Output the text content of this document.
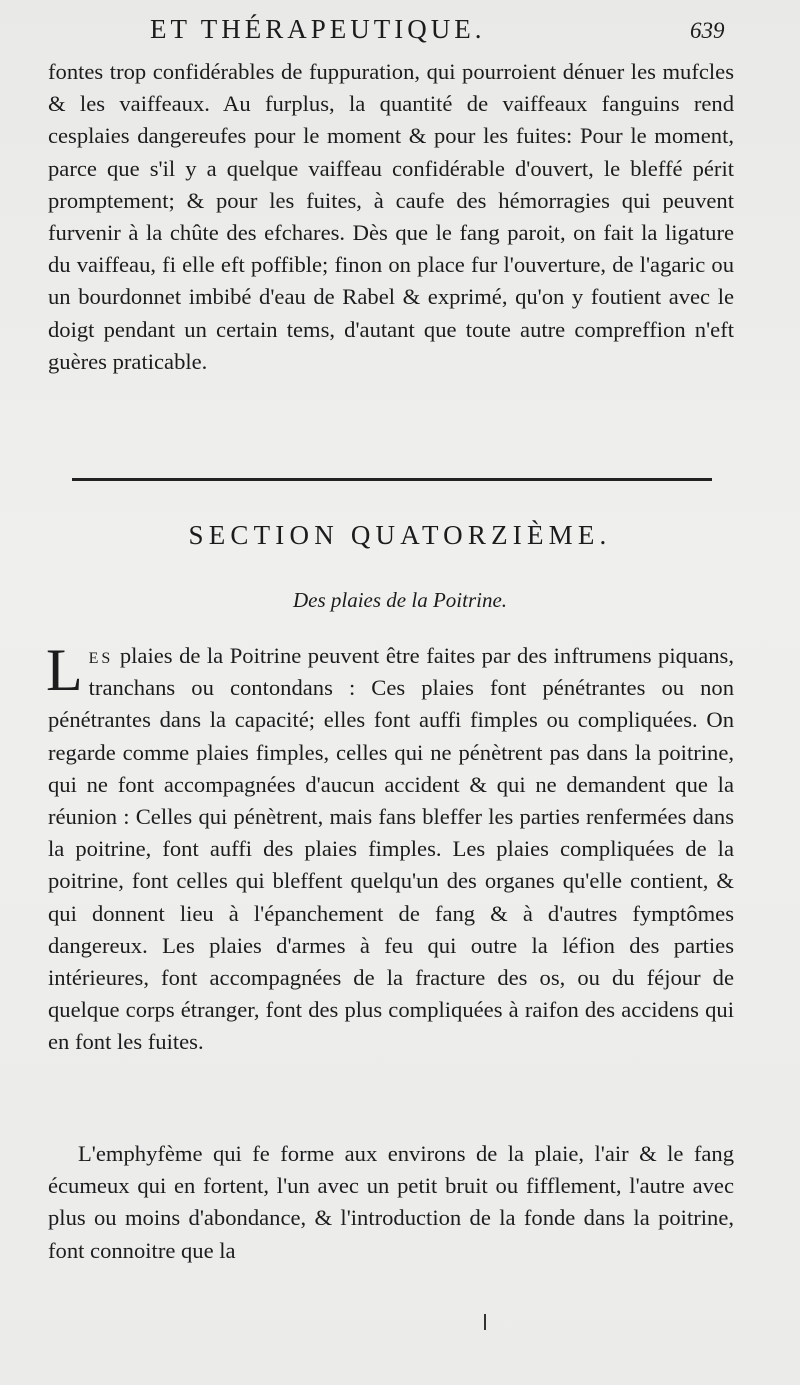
ET THÉRAPEUTIQUE.	639

fontes trop confidérables de fuppuration, qui pourroient dénuer les mufcles & les vaiffeaux. Au furplus, la quantité de vaiffeaux fanguins rend cesplaies dangereufes pour le moment & pour les fuites: Pour le moment, parce que s'il y a quelque vaiffeau confidérable d'ouvert, le bleffé périt promptement; & pour les fuites, à caufe des hémorragies qui peuvent furvenir à la chûte des efchares. Dès que le fang paroit, on fait la ligature du vaiffeau, fi elle eft poffible; finon on place fur l'ouverture, de l'agaric ou un bourdonnet imbibé d'eau de Rabel & exprimé, qu'on y foutient avec le doigt pendant un certain tems, d'autant que toute autre compreffion n'eft guères praticable.

SECTION QUATORZIÈME.
Des plaies de la Poitrine.

Les plaies de la Poitrine peuvent être faites par des inftrumens piquans, tranchans ou contondans : Ces plaies font pénétrantes ou non pénétrantes dans la capacité; elles font auffi fimples ou compliquées. On regarde comme plaies fimples, celles qui ne pénètrent pas dans la poitrine, qui ne font accompagnées d'aucun accident & qui ne demandent que la réunion : Celles qui pénètrent, mais fans bleffer les parties renfermées dans la poitrine, font auffi des plaies fimples. Les plaies compliquées de la poitrine, font celles qui bleffent quelqu'un des organes qu'elle contient, & qui donnent lieu à l'épanchement de fang & à d'autres fymptômes dangereux. Les plaies d'armes à feu qui outre la léfion des parties intérieures, font accompagnées de la fracture des os, ou du féjour de quelque corps étranger, font des plus compliquées à raifon des accidens qui en font les fuites.

L'emphyfème qui fe forme aux environs de la plaie, l'air & le fang écumeux qui en fortent, l'un avec un petit bruit ou fifflement, l'autre avec plus ou moins d'abondance, & l'introduction de la fonde dans la poitrine, font connoitre que la
